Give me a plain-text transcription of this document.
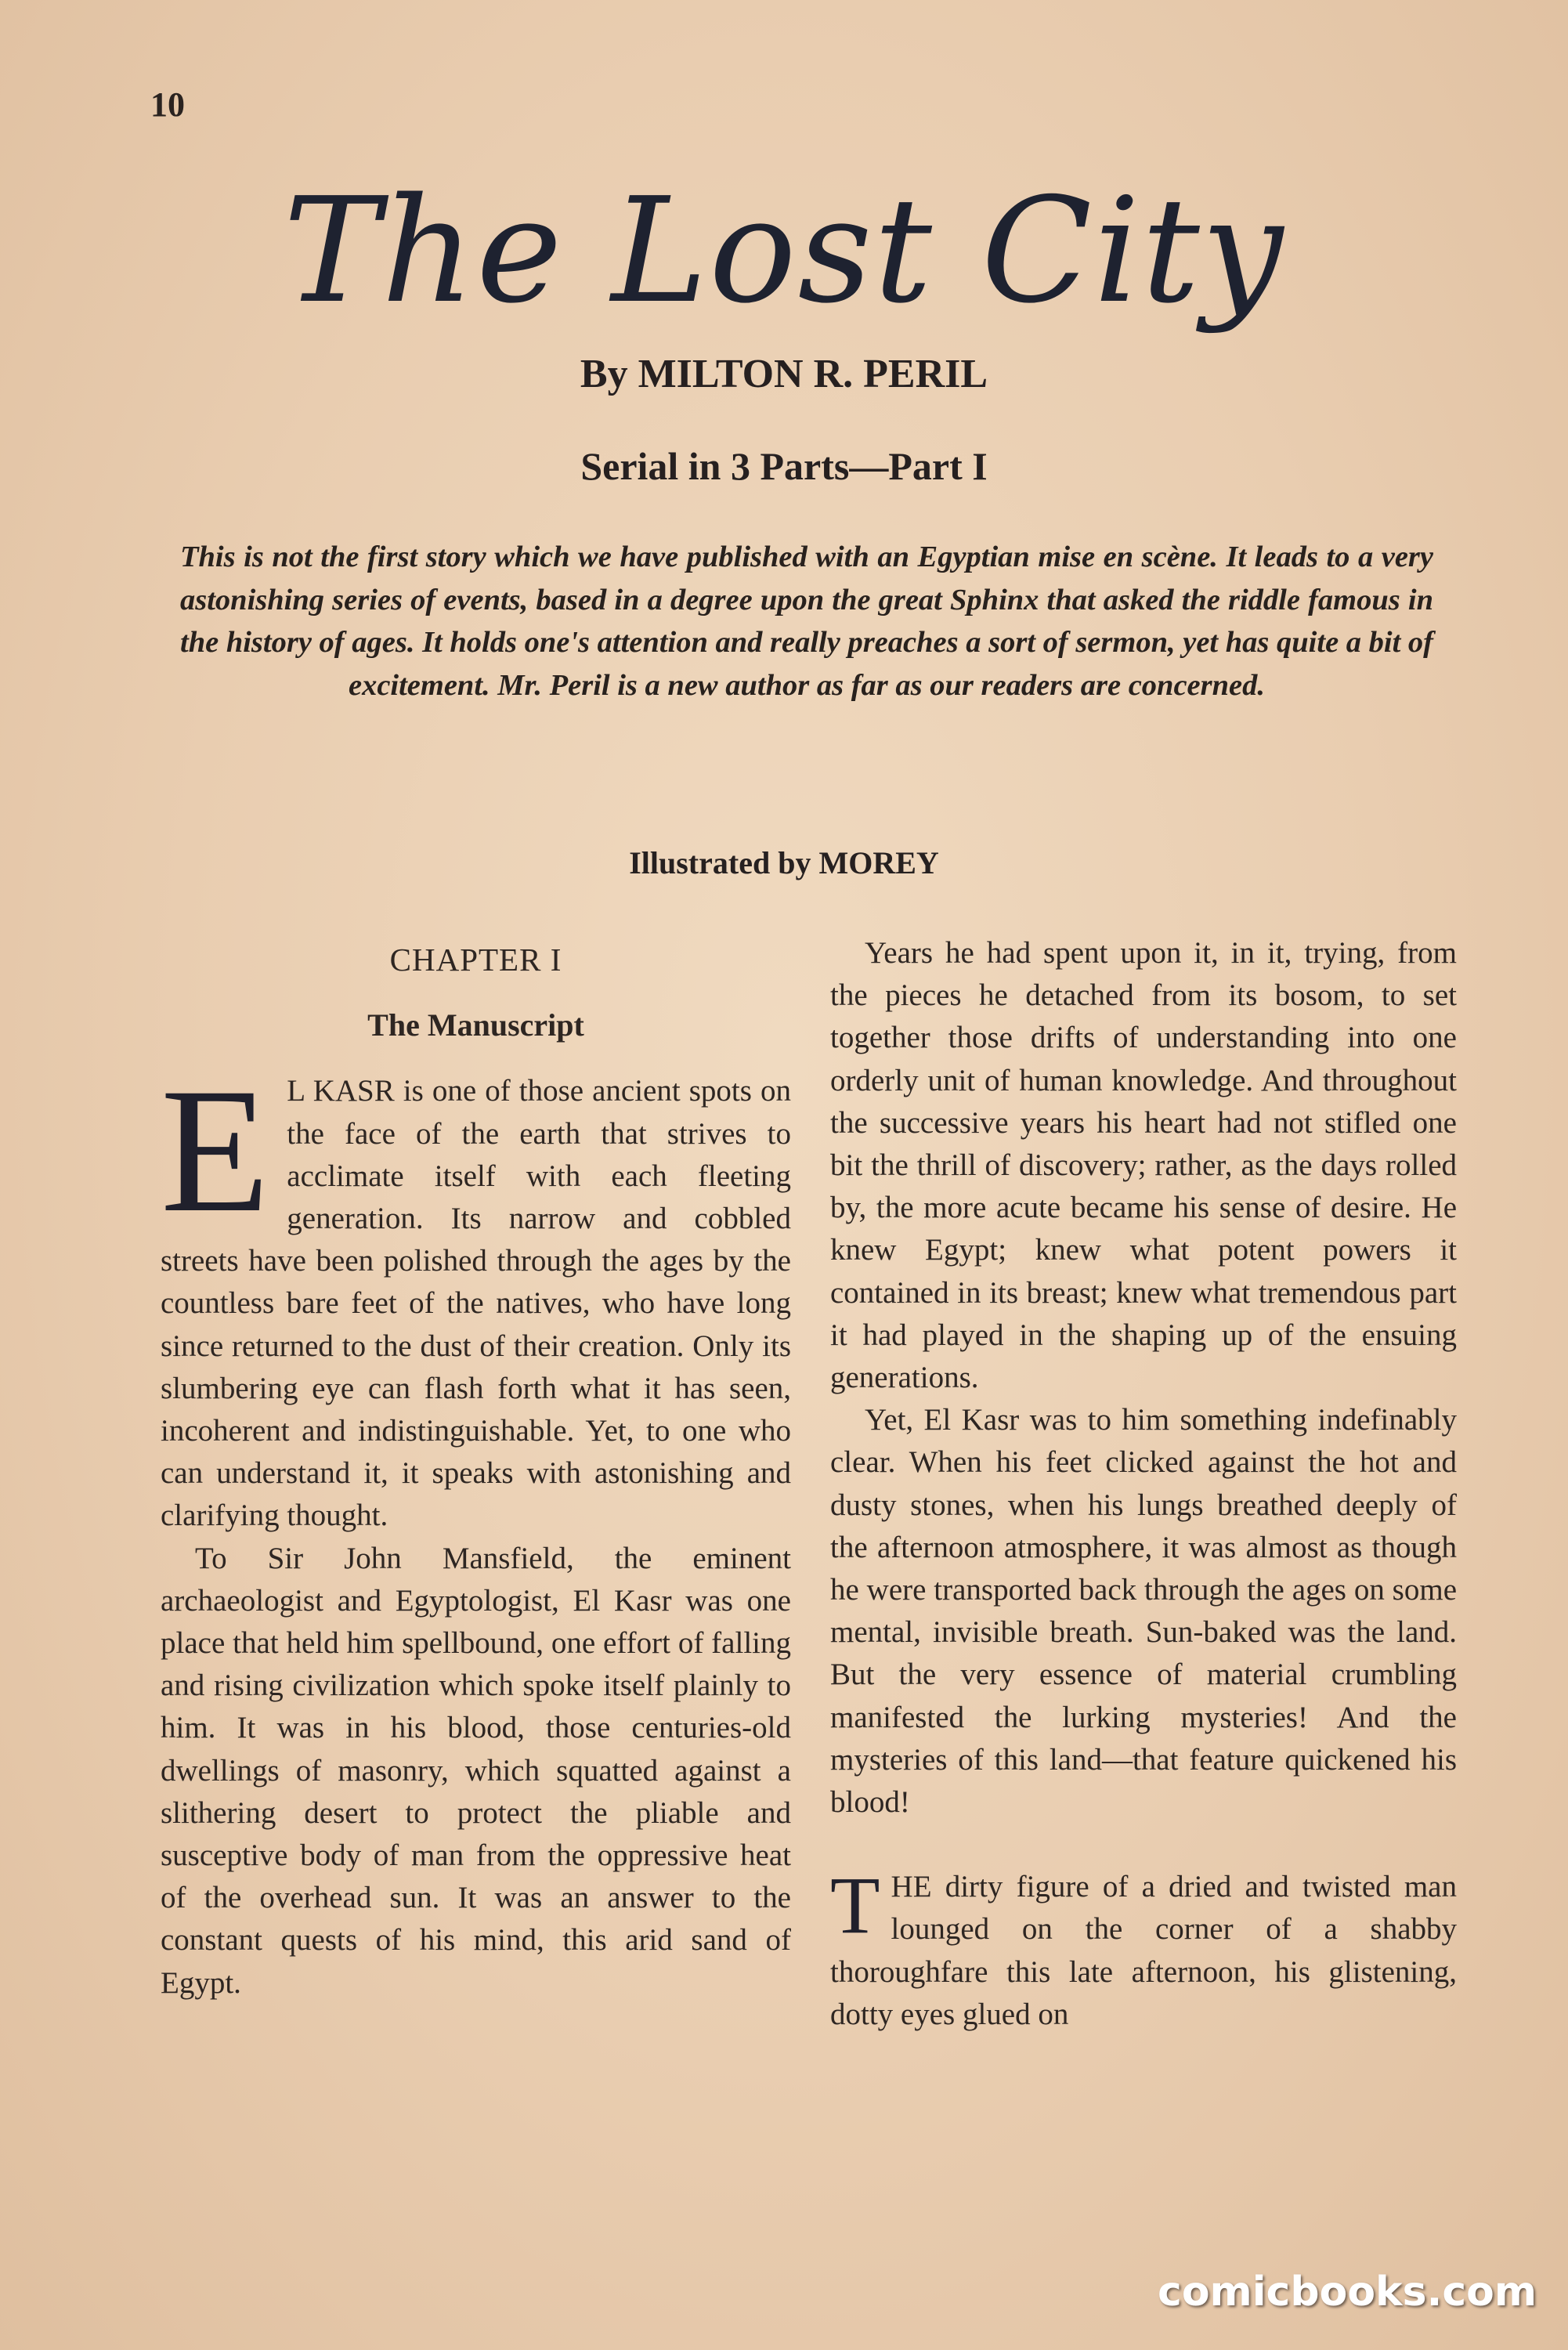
10
The Lost City
By MILTON R. PERIL
Serial in 3 Parts—Part I
This is not the first story which we have published with an Egyptian mise en scène. It leads to a very astonishing series of events, based in a degree upon the great Sphinx that asked the riddle famous in the history of ages. It holds one's attention and really preaches a sort of sermon, yet has quite a bit of excitement. Mr. Peril is a new author as far as our readers are concerned.
Illustrated by MOREY
CHAPTER I
The Manuscript

E L KASR is one of those ancient spots on the face of the earth that strives to acclimate itself with each fleeting generation. Its narrow and cobbled streets have been polished through the ages by the countless bare feet of the natives, who have long since returned to the dust of their creation. Only its slumbering eye can flash forth what it has seen, incoherent and indistinguishable. Yet, to one who can understand it, it speaks with astonishing and clarifying thought.

To Sir John Mansfield, the eminent archaeologist and Egyptologist, El Kasr was one place that held him spellbound, one effort of falling and rising civilization which spoke itself plainly to him. It was in his blood, those centuries-old dwellings of masonry, which squatted against a slithering desert to protect the pliable and susceptive body of man from the oppressive heat of the overhead sun. It was an answer to the constant quests of his mind, this arid sand of Egypt.

Years he had spent upon it, in it, trying, from the pieces he detached from its bosom, to set together those drifts of understanding into one orderly unit of human knowledge. And throughout the successive years his heart had not stifled one bit the thrill of discovery; rather, as the days rolled by, the more acute became his sense of desire. He knew Egypt; knew what potent powers it contained in its breast; knew what tremendous part it had played in the shaping up of the ensuing generations.

Yet, El Kasr was to him something indefinably clear. When his feet clicked against the hot and dusty stones, when his lungs breathed deeply of the afternoon atmosphere, it was almost as though he were transported back through the ages on some mental, invisible breath. Sun-baked was the land. But the very essence of material crumbling manifested the lurking mysteries! And the mysteries of this land—that feature quickened his blood!

THE dirty figure of a dried and twisted man lounged on the corner of a shabby thoroughfare this late afternoon, his glistening, dotty eyes glued on

comicbooks.com
